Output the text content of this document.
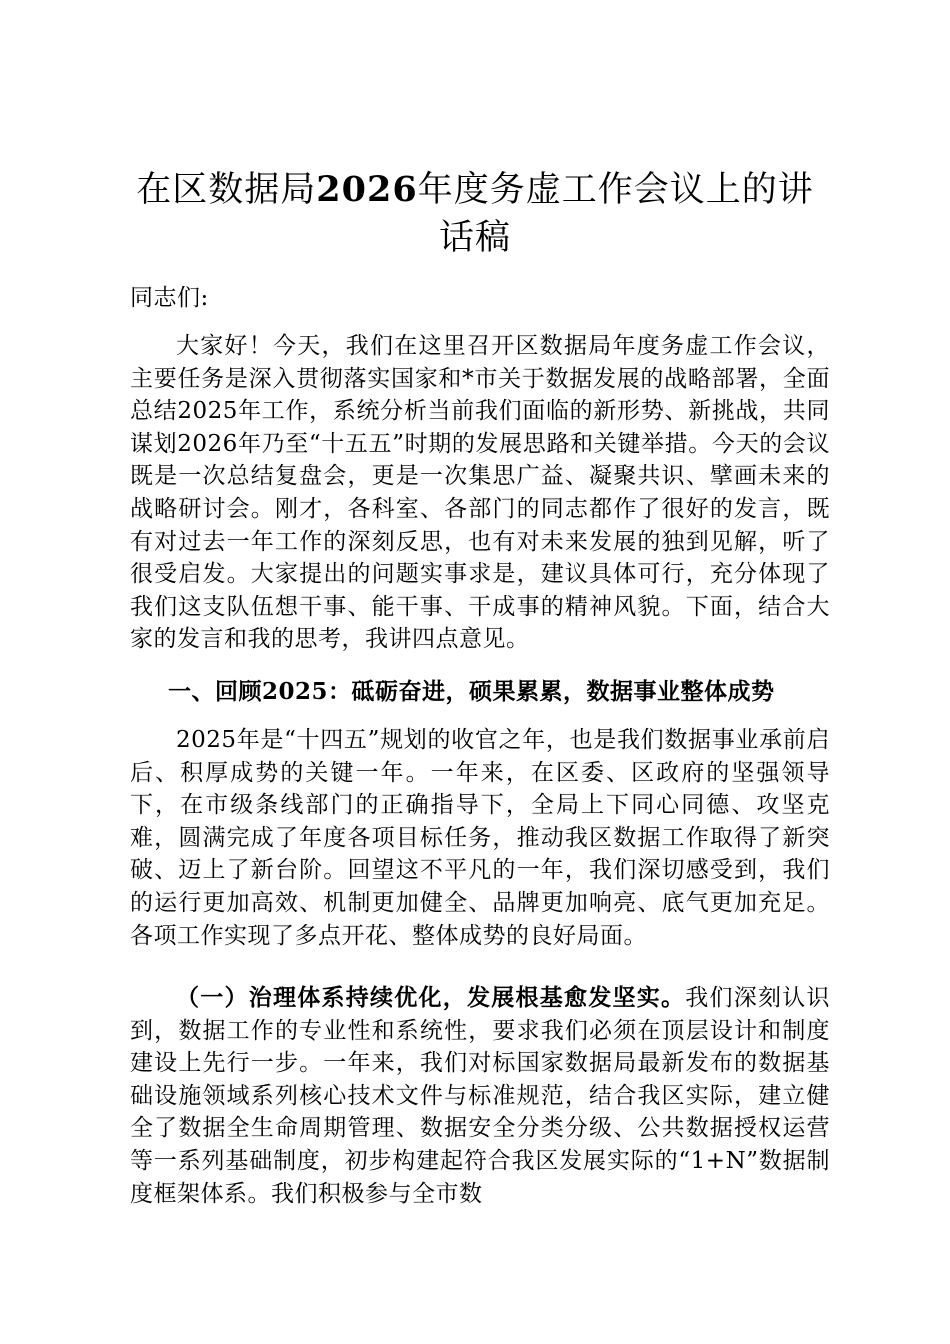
在区数据局2026年度务虚工作会议上的讲话稿
同志们:
大家好！今天，我们在这里召开区数据局年度务虚工作会议，主要任务是深入贯彻落实国家和*市关于数据发展的战略部署，全面总结2025年工作，系统分析当前我们面临的新形势、新挑战，共同谋划2026年乃至“十五五”时期的发展思路和关键举措。今天的会议既是一次总结复盘会，更是一次集思广益、凝聚共识、擘画未来的战略研讨会。刚才，各科室、各部门的同志都作了很好的发言，既有对过去一年工作的深刻反思，也有对未来发展的独到见解，听了很受启发。大家提出的问题实事求是，建议具体可行，充分体现了我们这支队伍想干事、能干事、干成事的精神风貌。下面，结合大家的发言和我的思考，我讲四点意见。
一、回顾2025：砥砺奋进，硕果累累，数据事业整体成势
2025年是“十四五”规划的收官之年，也是我们数据事业承前启后、积厚成势的关键一年。一年来，在区委、区政府的坚强领导下，在市级条线部门的正确指导下，全局上下同心同德、攻坚克难，圆满完成了年度各项目标任务，推动我区数据工作取得了新突破、迈上了新台阶。回望这不平凡的一年，我们深切感受到，我们的运行更加高效、机制更加健全、品牌更加响亮、底气更加充足。各项工作实现了多点开花、整体成势的良好局面。
（一）治理体系持续优化，发展根基愈发坚实。我们深刻认识到，数据工作的专业性和系统性，要求我们必须在顶层设计和制度建设上先行一步。一年来，我们对标国家数据局最新发布的数据基础设施领域系列核心技术文件与标准规范，结合我区实际，建立健全了数据全生命周期管理、数据安全分类分级、公共数据授权运营等一系列基础制度，初步构建起符合我区发展实际的“1+N”数据制度框架体系。我们积极参与全市数
